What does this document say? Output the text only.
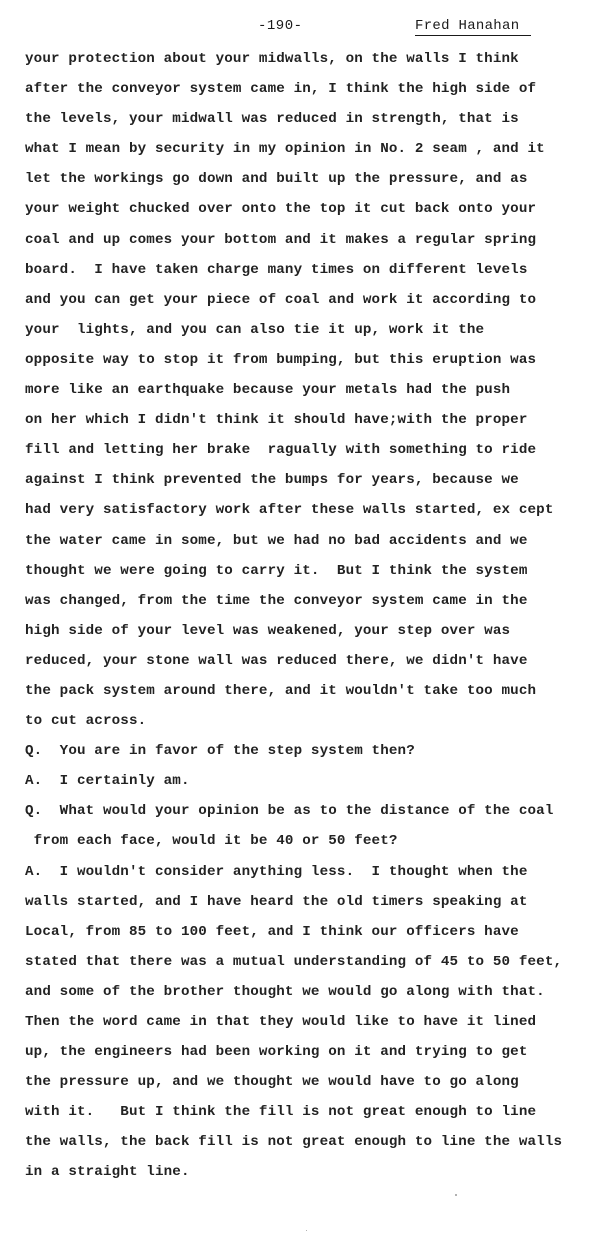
-190-	Fred Hanahan
your protection about your midwalls, on the walls I think
after the conveyor system came in, I think the high side of
the levels, your midwall was reduced in strength, that is
what I mean by security in my opinion in No. 2 seam , and it
let the workings go down and built up the pressure, and as
your weight chucked over onto the top it cut back onto your
coal and up comes your bottom and it makes a regular spring
board.  I have taken charge many times on different levels
and you can get your piece of coal and work it according to
your  lights, and you can also tie it up, work it the
opposite way to stop it from bumping, but this eruption was
more like an earthquake because your metals had the push
on her which I didn't think it should have;with the proper
fill and letting her brake  ragually with something to ride
against I think prevented the bumps for years, because we
had very satisfactory work after these walls started, ex cept
the water came in some, but we had no bad accidents and we
thought we were going to carry it.  But I think the system
was changed, from the time the conveyor system came in the
high side of your level was weakened, your step over was
reduced, your stone wall was reduced there, we didn't have
the pack system around there, and it wouldn't take too much
to cut across.
Q.  You are in favor of the step system then?
A.  I certainly am.
Q.  What would your opinion be as to the distance of the coal
from each face, would it be 40 or 50 feet?
A.  I wouldn't consider anything less.  I thought when the
walls started, and I have heard the old timers speaking at
Local, from 85 to 100 feet, and I think our officers have
stated that there was a mutual understanding of 45 to 50 feet,
and some of the brother thought we would go along with that.
Then the word came in that they would like to have it lined
up, the engineers had been working on it and trying to get
the pressure up, and we thought we would have to go along
with it.   But I think the fill is not great enough to line
the walls, the back fill is not great enough to line the walls
in a straight line.
